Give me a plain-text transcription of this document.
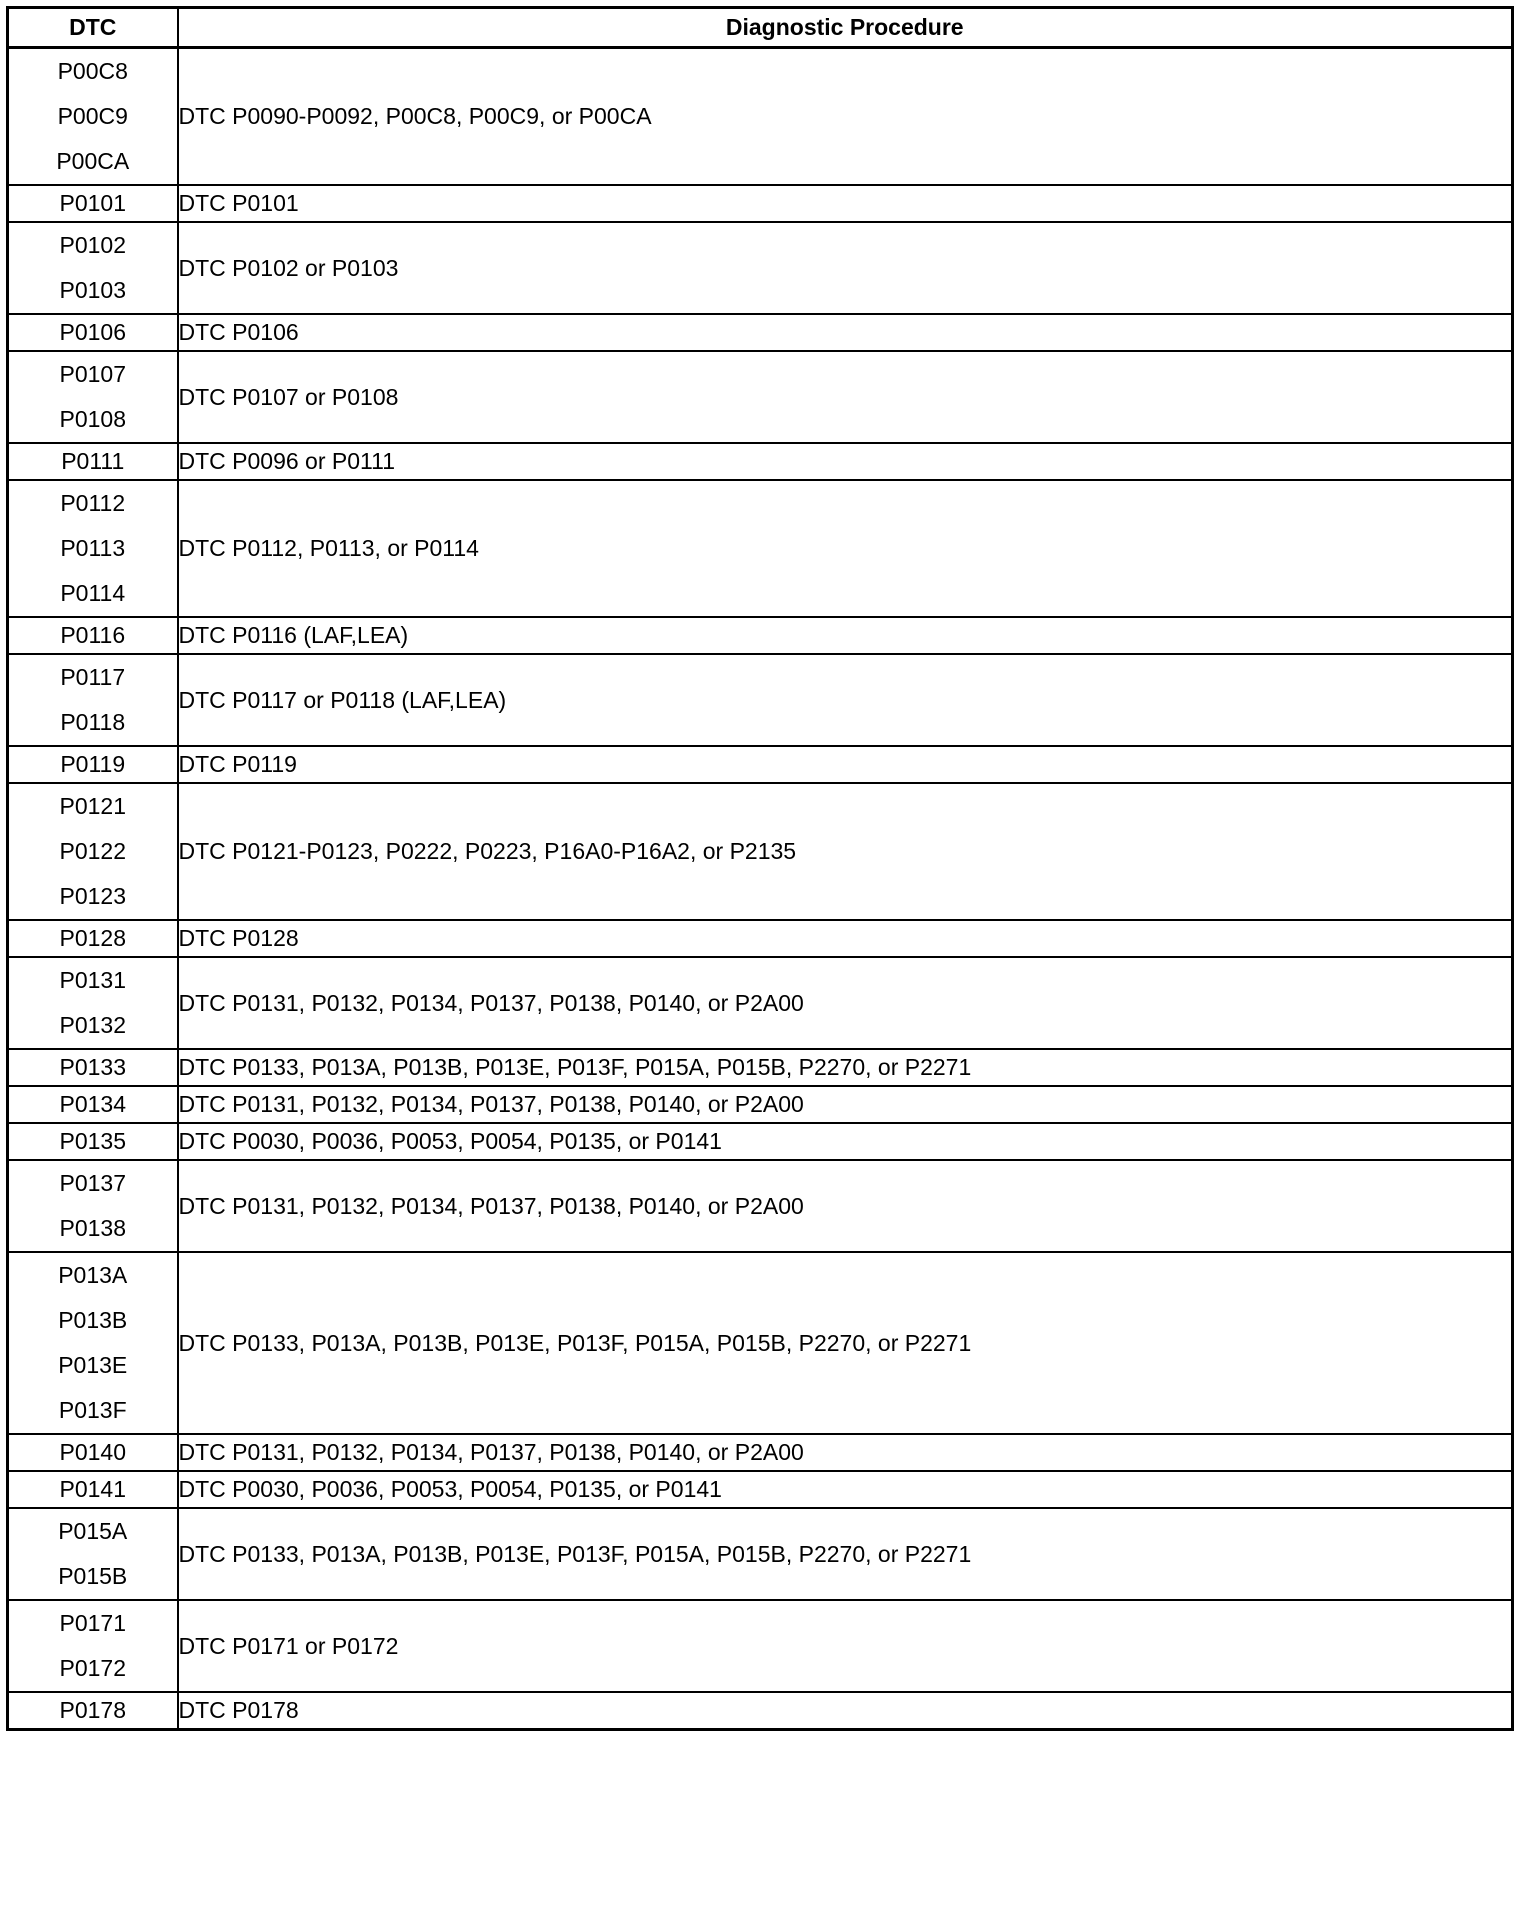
DTC	Diagnostic Procedure

P00C8
P00C9
P00CA	DTC P0090-P0092, P00C8, P00C9, or P00CA

P0101	DTC P0101

P0102
P0103	DTC P0102 or P0103

P0106	DTC P0106

P0107
P0108	DTC P0107 or P0108

P0111	DTC P0096 or P0111

P0112
P0113
P0114	DTC P0112, P0113, or P0114

P0116	DTC P0116 (LAF,LEA)

P0117
P0118	DTC P0117 or P0118 (LAF,LEA)

P0119	DTC P0119

P0121
P0122
P0123	DTC P0121-P0123, P0222, P0223, P16A0-P16A2, or P2135

P0128	DTC P0128

P0131
P0132	DTC P0131, P0132, P0134, P0137, P0138, P0140, or P2A00

P0133	DTC P0133, P013A, P013B, P013E, P013F, P015A, P015B, P2270, or P2271

P0134	DTC P0131, P0132, P0134, P0137, P0138, P0140, or P2A00

P0135	DTC P0030, P0036, P0053, P0054, P0135, or P0141

P0137
P0138	DTC P0131, P0132, P0134, P0137, P0138, P0140, or P2A00

P013A
P013B
P013E
P013F	DTC P0133, P013A, P013B, P013E, P013F, P015A, P015B, P2270, or P2271

P0140	DTC P0131, P0132, P0134, P0137, P0138, P0140, or P2A00

P0141	DTC P0030, P0036, P0053, P0054, P0135, or P0141

P015A
P015B	DTC P0133, P013A, P013B, P013E, P013F, P015A, P015B, P2270, or P2271

P0171
P0172	DTC P0171 or P0172

P0178	DTC P0178
